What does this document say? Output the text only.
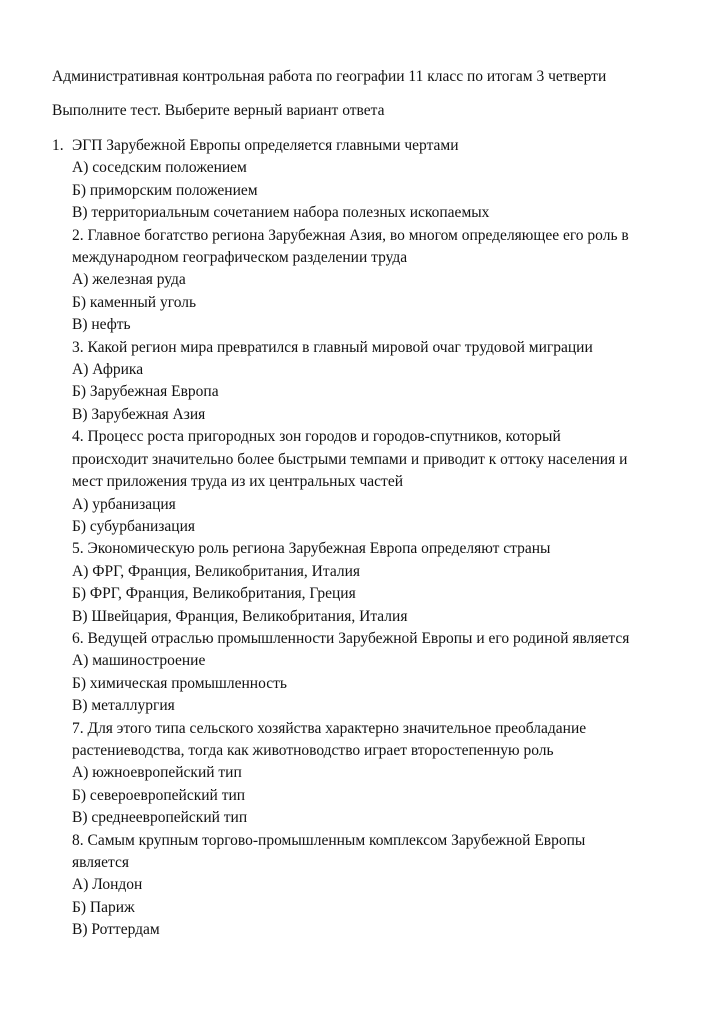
Административная контрольная работа по географии 11 класс по итогам 3 четверти
Выполните тест. Выберите верный вариант ответа
1. ЭГП Зарубежной Европы определяется главными чертами
А) соседским положением
Б) приморским положением
В) территориальным сочетанием набора полезных ископаемых
2. Главное богатство региона Зарубежная Азия, во многом определяющее его роль в
международном географическом разделении труда
А) железная руда
Б) каменный уголь
В) нефть
3. Какой регион мира превратился в главный мировой очаг трудовой миграции
А) Африка
Б) Зарубежная Европа
В) Зарубежная Азия
4. Процесс роста пригородных зон городов и городов-спутников, который
происходит значительно более быстрыми темпами и приводит к оттоку населения и
мест приложения труда из их центральных частей
А) урбанизация
Б) субурбанизация
5. Экономическую роль региона Зарубежная Европа определяют страны
А) ФРГ, Франция, Великобритания, Италия
Б) ФРГ, Франция, Великобритания, Греция
В) Швейцария, Франция, Великобритания, Италия
6. Ведущей отраслью промышленности Зарубежной Европы и его родиной является
А) машиностроение
Б) химическая промышленность
В) металлургия
7. Для этого типа сельского хозяйства характерно значительное преобладание
растениеводства, тогда как животноводство играет второстепенную роль
А) южноевропейский тип
Б) североевропейский тип
В) среднеевропейский тип
8. Самым крупным торгово-промышленным комплексом Зарубежной Европы
является
А) Лондон
Б) Париж
В) Роттердам
